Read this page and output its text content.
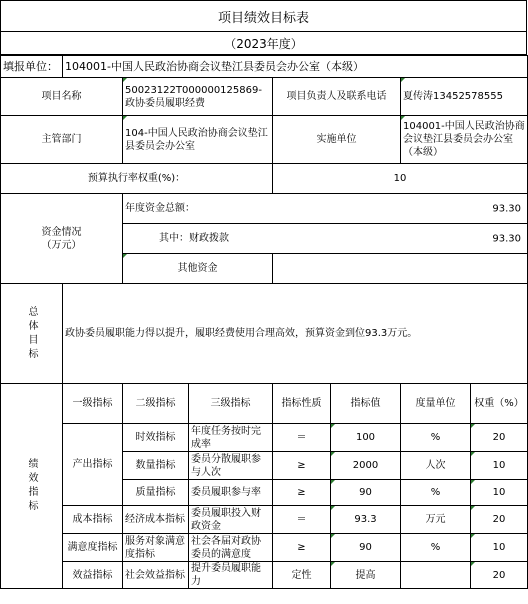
项目绩效目标表
（2023年度）
填报单位：	104001-中国人民政治协商会议垫江县委员会办公室（本级）						
项目名称		50023122T000000125869-政协委员履职经费		项目负责人及联系电话		夏传涛13452578555	
主管部门		104-中国人民政治协商会议垫江县委员会办公室		实施单位		104001-中国人民政治协商会议垫江县委员会办公室（本级）	
预算执行率权重(%)：				10			

资金情况（万元）		年度资金总额： 93.30					

		其中：财政拨款 93.30					

		其他资金					

总体目标	政协委员履职能力得以提升，履职经费使用合理高效，预算资金到位93.3万元。						

绩效指标	一级指标	二级指标	三级指标	指标性质	指标值	度量单位	权重（%）
	产出指标	时效指标	年度任务按时完成率	＝	100	%	20
		数量指标	委员分散履职参与人次	≥	2000	人次	10
		质量指标	委员履职参与率	≥	90	%	10
	成本指标	经济成本指标	委员履职投入财政资金	＝	93.3	万元	20
	满意度指标	服务对象满意度指标	社会各届对政协委员的满意度	≥	90	%	10
	效益指标	社会效益指标	提升委员履职能力	定性	提高		20
